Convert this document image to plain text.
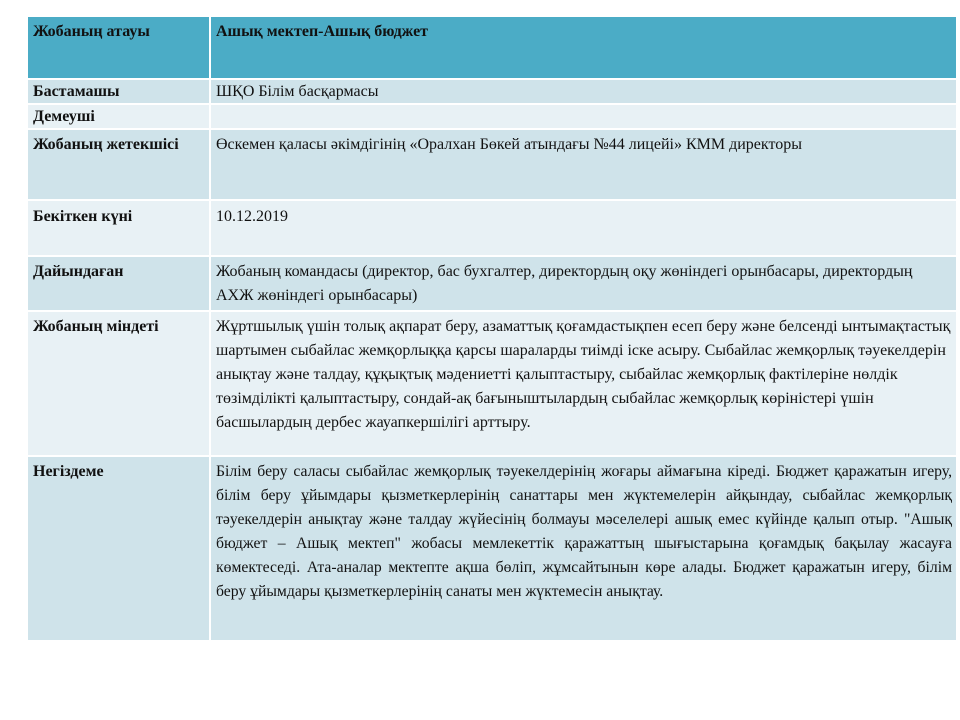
Жобаның атауы	Ашық мектеп-Ашық бюджет
Бастамашы	ШҚО Білім басқармасы
Демеуші	
Жобаның жетекшісі	Өскемен қаласы әкімдігінің «Оралхан Бөкей атындағы №44 лицейі» КММ директоры
Бекіткен күні	10.12.2019
Дайындаған	Жобаның командасы (директор, бас бухгалтер, директордың оқу жөніндегі орынбасары, директордың АХЖ жөніндегі орынбасары)
Жобаның міндеті	Жұртшылық үшін толық ақпарат беру, азаматтық қоғамдастықпен есеп беру және белсенді ынтымақтастық шартымен сыбайлас жемқорлыққа қарсы шараларды тиімді іске асыру. Сыбайлас жемқорлық тәуекелдерін анықтау және талдау, құқықтық мәдениетті қалыптастыру, сыбайлас жемқорлық фактілеріне нөлдік төзімділікті қалыптастыру, сондай-ақ бағыныштылардың сыбайлас жемқорлық көріністері үшін басшылардың дербес жауапкершілігі арттыру.
Негіздеме	Білім беру саласы сыбайлас жемқорлық тәуекелдерінің жоғары аймағына кіреді. Бюджет қаражатын игеру, білім беру ұйымдары қызметкерлерінің санаттары мен жүктемелерін айқындау, сыбайлас жемқорлық тәуекелдерін анықтау және талдау жүйесінің болмауы мәселелері ашық емес күйінде қалып отыр. "Ашық бюджет – Ашық мектеп" жобасы мемлекеттік қаражаттың шығыстарына қоғамдық бақылау жасауға көмектеседі. Ата-аналар мектепте ақша бөліп, жұмсайтынын көре алады. Бюджет қаражатын игеру, білім беру ұйымдары қызметкерлерінің санаты мен жүктемесін анықтау.
